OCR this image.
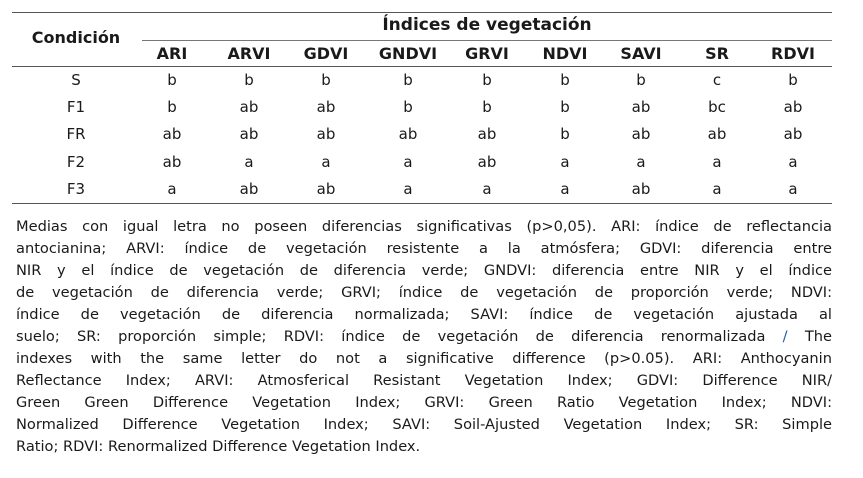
Condición
Índices de vegetación
ARI	ARVI	GDVI	GNDVI	GRVI	NDVI	SAVI	SR	RDVI
S	b	b	b	b	b	b	b	c	b
F1	b	ab	ab	b	b	b	ab	bc	ab
FR	ab	ab	ab	ab	ab	b	ab	ab	ab
F2	ab	a	a	a	ab	a	a	a	a
F3	a	ab	ab	a	a	a	ab	a	a
Medias con igual letra no poseen diferencias significativas (p>0,05). ARI: índice de reflectancia
antocianina; ARVI: índice de vegetación resistente a la atmósfera; GDVI: diferencia entre
NIR y el índice de vegetación de diferencia verde; GNDVI: diferencia entre NIR y el índice
de vegetación de diferencia verde; GRVI; índice de vegetación de proporción verde; NDVI:
índice de vegetación de diferencia normalizada; SAVI: índice de vegetación ajustada al
suelo; SR: proporción simple; RDVI: índice de vegetación de diferencia renormalizada / The
indexes with the same letter do not a significative difference (p>0.05). ARI: Anthocyanin
Reflectance Index; ARVI: Atmosferical Resistant Vegetation Index; GDVI: Difference NIR/
Green Green Difference Vegetation Index; GRVI: Green Ratio Vegetation Index; NDVI:
Normalized Difference Vegetation Index; SAVI: Soil-Ajusted Vegetation Index; SR: Simple
Ratio; RDVI: Renormalized Difference Vegetation Index.
